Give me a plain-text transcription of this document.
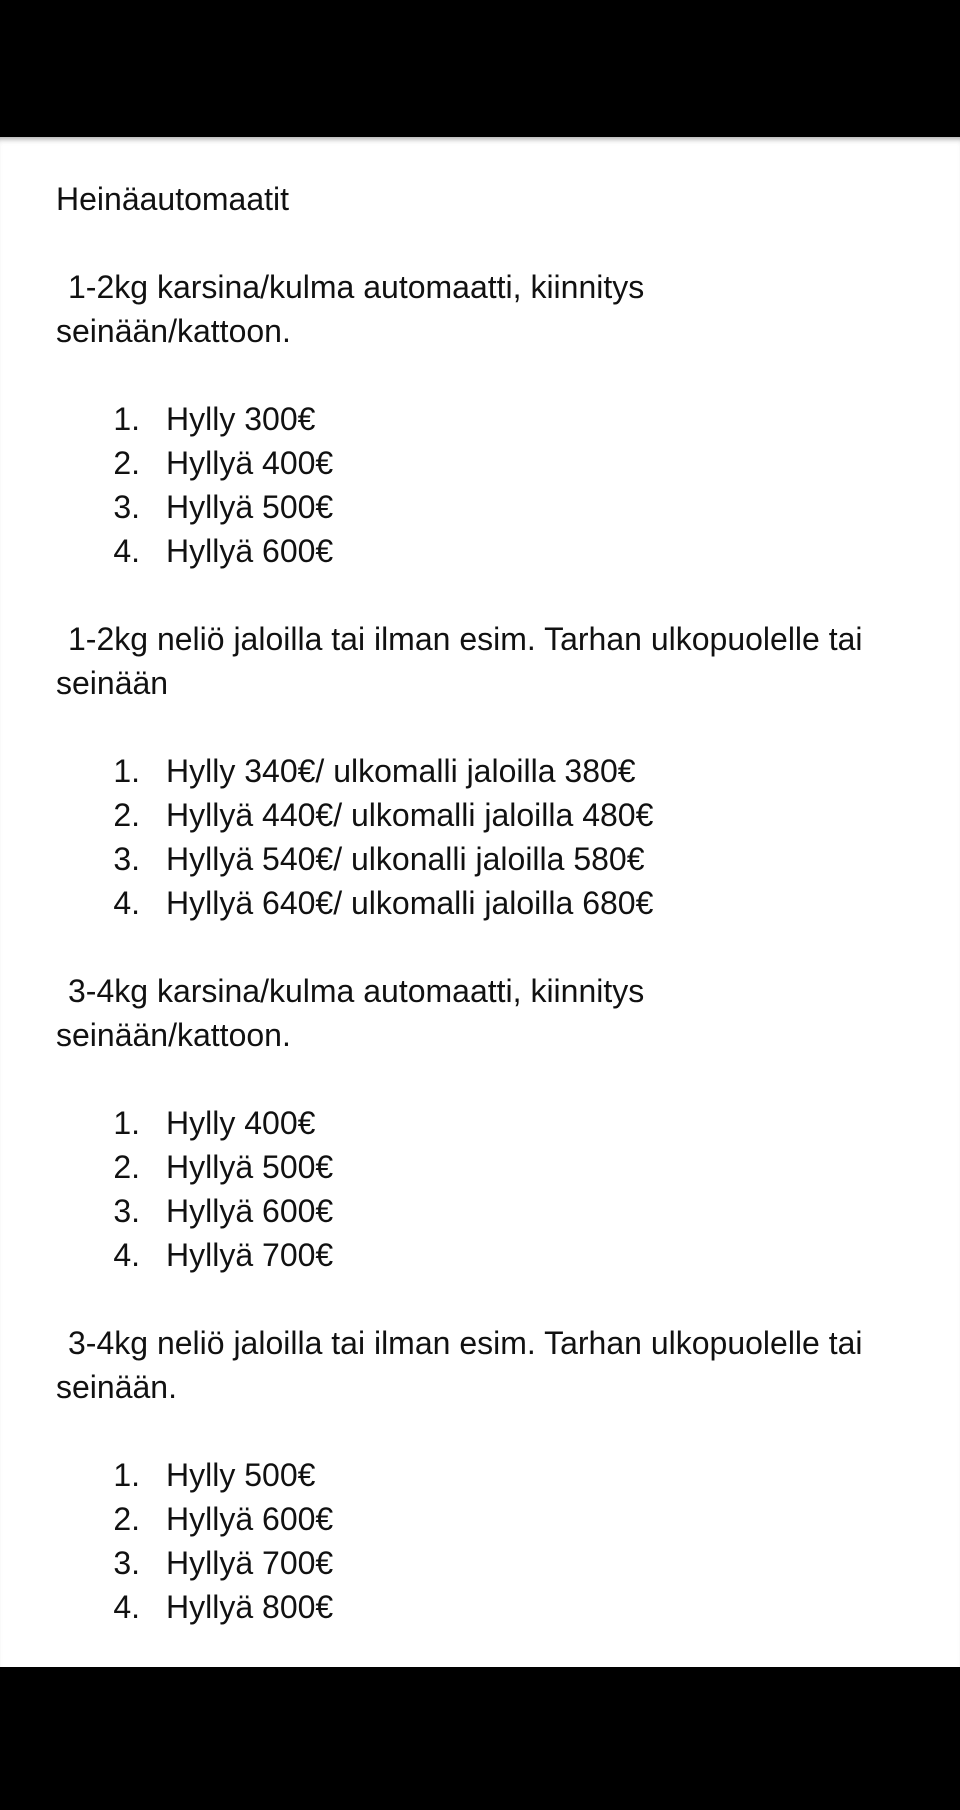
Heinäautomaatit

1-2kg karsina/kulma automaatti, kiinnitys
seinään/kattoon.

1. Hylly 300€
2. Hyllyä 400€
3. Hyllyä 500€
4. Hyllyä 600€

1-2kg neliö jaloilla tai ilman esim. Tarhan ulkopuolelle tai
seinään

1. Hylly 340€/ ulkomalli jaloilla 380€
2. Hyllyä 440€/ ulkomalli jaloilla 480€
3. Hyllyä 540€/ ulkonalli jaloilla 580€
4. Hyllyä 640€/ ulkomalli jaloilla 680€

3-4kg karsina/kulma automaatti, kiinnitys
seinään/kattoon.

1. Hylly 400€
2. Hyllyä 500€
3. Hyllyä 600€
4. Hyllyä 700€

3-4kg neliö jaloilla tai ilman esim. Tarhan ulkopuolelle tai
seinään.

1. Hylly 500€
2. Hyllyä 600€
3. Hyllyä 700€
4. Hyllyä 800€
